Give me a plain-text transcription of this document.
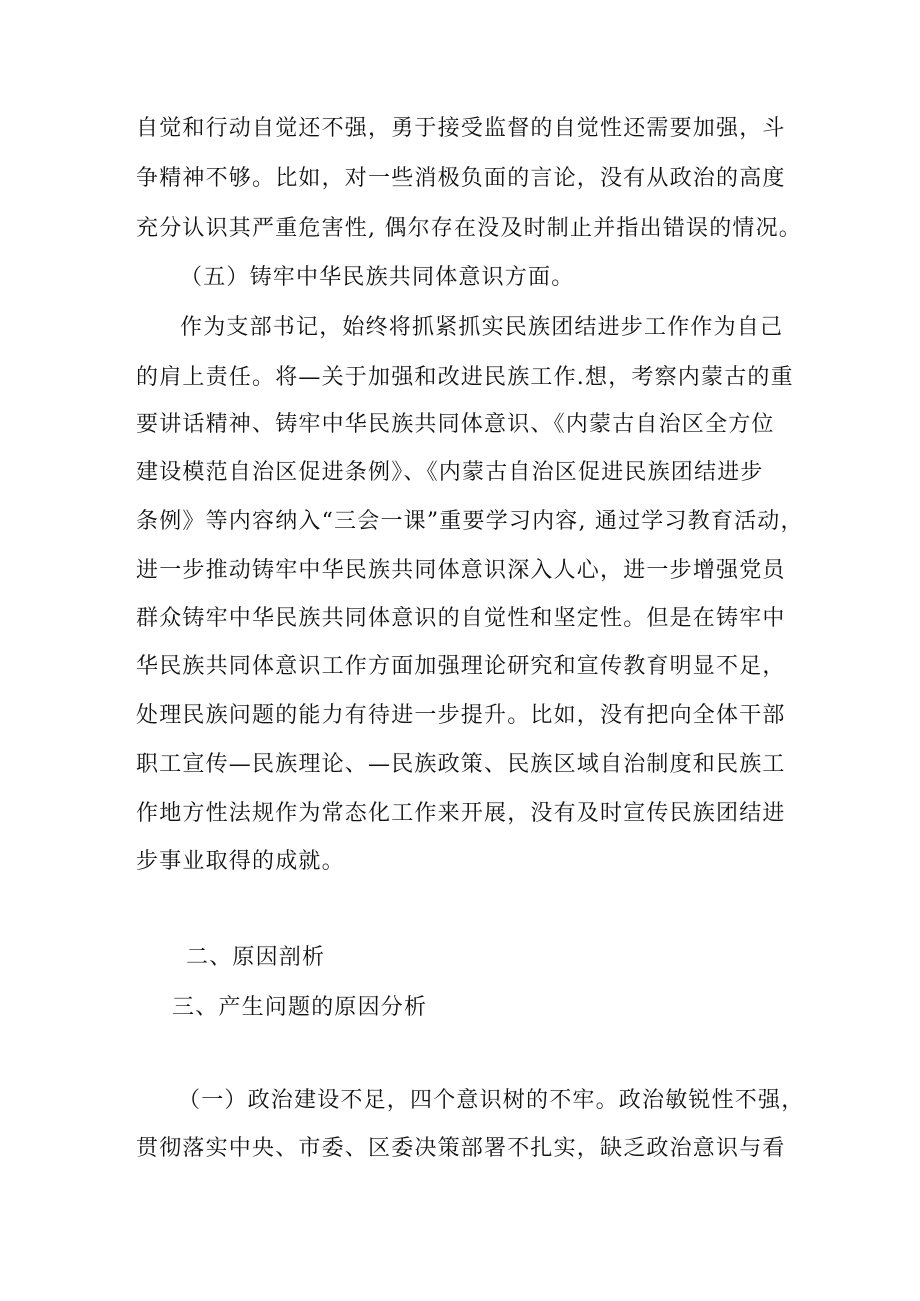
自觉和行动自觉还不强，勇于接受监督的自觉性还需要加强，斗
争精神不够。比如，对一些消极负面的言论，没有从政治的高度
充分认识其严重危害性, 偶尔存在没及时制止并指出错误的情况。
（五）铸牢中华民族共同体意识方面。
作为支部书记，始终将抓紧抓实民族团结进步工作作为自己
的肩上责任。将—关于加强和改进民族工作.想，考察内蒙古的重
要讲话精神、铸牢中华民族共同体意识、《内蒙古自治区全方位
建设模范自治区促进条例》、《内蒙古自治区促进民族团结进步
条例》等内容纳入“三会一课”重要学习内容, 通过学习教育活动，
进一步推动铸牢中华民族共同体意识深入人心，进一步增强党员
群众铸牢中华民族共同体意识的自觉性和坚定性。但是在铸牢中
华民族共同体意识工作方面加强理论研究和宣传教育明显不足，
处理民族问题的能力有待进一步提升。比如，没有把向全体干部
职工宣传—民族理论、—民族政策、民族区域自治制度和民族工
作地方性法规作为常态化工作来开展，没有及时宣传民族团结进
步事业取得的成就。
二、原因剖析
三、产生问题的原因分析
（一）政治建设不足，四个意识树的不牢。政治敏锐性不强，
贯彻落实中央、市委、区委决策部署不扎实，缺乏政治意识与看
